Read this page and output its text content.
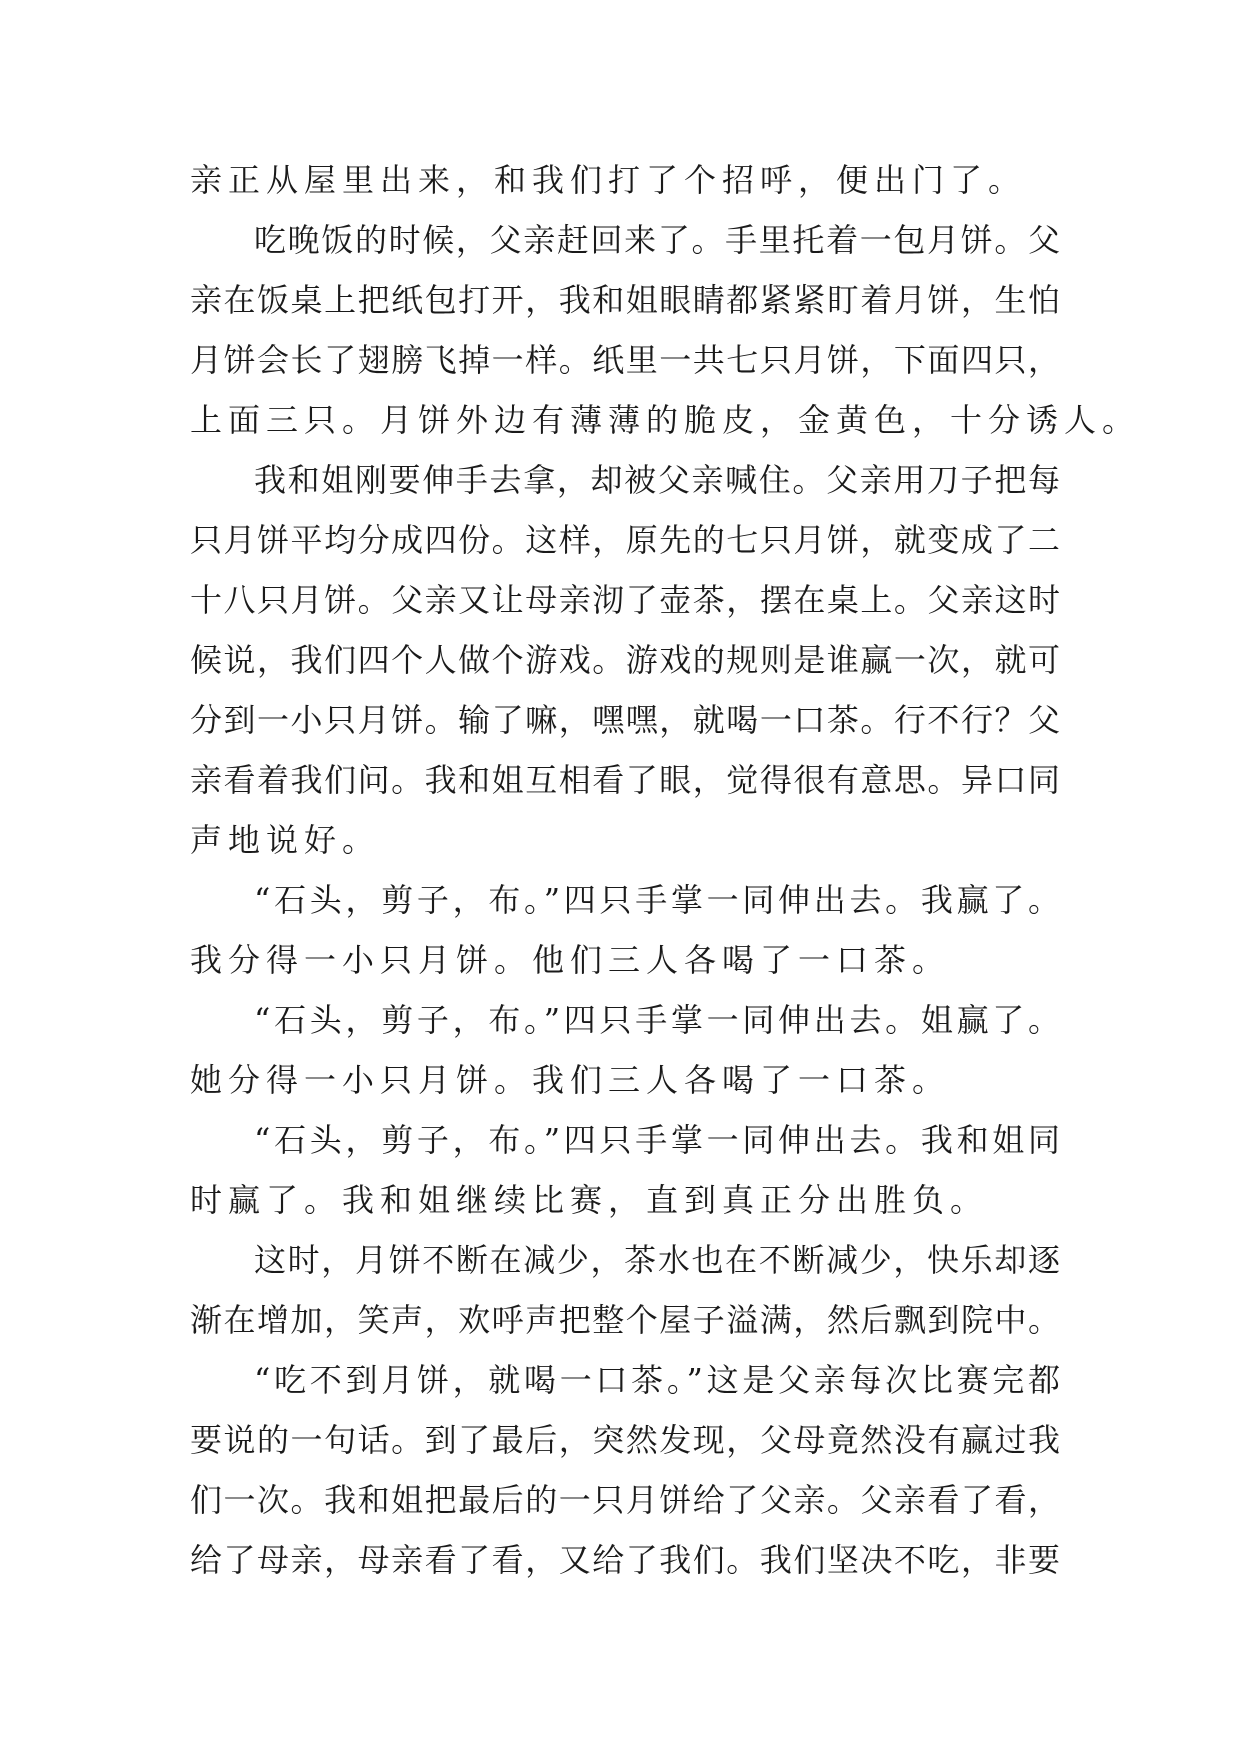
亲正从屋里出来，和我们打了个招呼，便出门了。
吃晚饭的时候，父亲赶回来了。手里托着一包月饼。父
亲在饭桌上把纸包打开，我和姐眼睛都紧紧盯着月饼，生怕
月饼会长了翅膀飞掉一样。纸里一共七只月饼，下面四只，
上面三只。月饼外边有薄薄的脆皮，金黄色，十分诱人。
我和姐刚要伸手去拿，却被父亲喊住。父亲用刀子把每
只月饼平均分成四份。这样，原先的七只月饼，就变成了二
十八只月饼。父亲又让母亲沏了壶茶，摆在桌上。父亲这时
候说，我们四个人做个游戏。游戏的规则是谁赢一次，就可
分到一小只月饼。输了嘛，嘿嘿，就喝一口茶。行不行？父
亲看着我们问。我和姐互相看了眼，觉得很有意思。异口同
声地说好。
“石头，剪子，布。”四只手掌一同伸出去。我赢了。
我分得一小只月饼。他们三人各喝了一口茶。
“石头，剪子，布。”四只手掌一同伸出去。姐赢了。
她分得一小只月饼。我们三人各喝了一口茶。
“石头，剪子，布。”四只手掌一同伸出去。我和姐同
时赢了。我和姐继续比赛，直到真正分出胜负。
这时，月饼不断在减少，茶水也在不断减少，快乐却逐
渐在增加，笑声，欢呼声把整个屋子溢满，然后飘到院中。
“吃不到月饼，就喝一口茶。”这是父亲每次比赛完都
要说的一句话。到了最后，突然发现，父母竟然没有赢过我
们一次。我和姐把最后的一只月饼给了父亲。父亲看了看，
给了母亲，母亲看了看，又给了我们。我们坚决不吃，非要
